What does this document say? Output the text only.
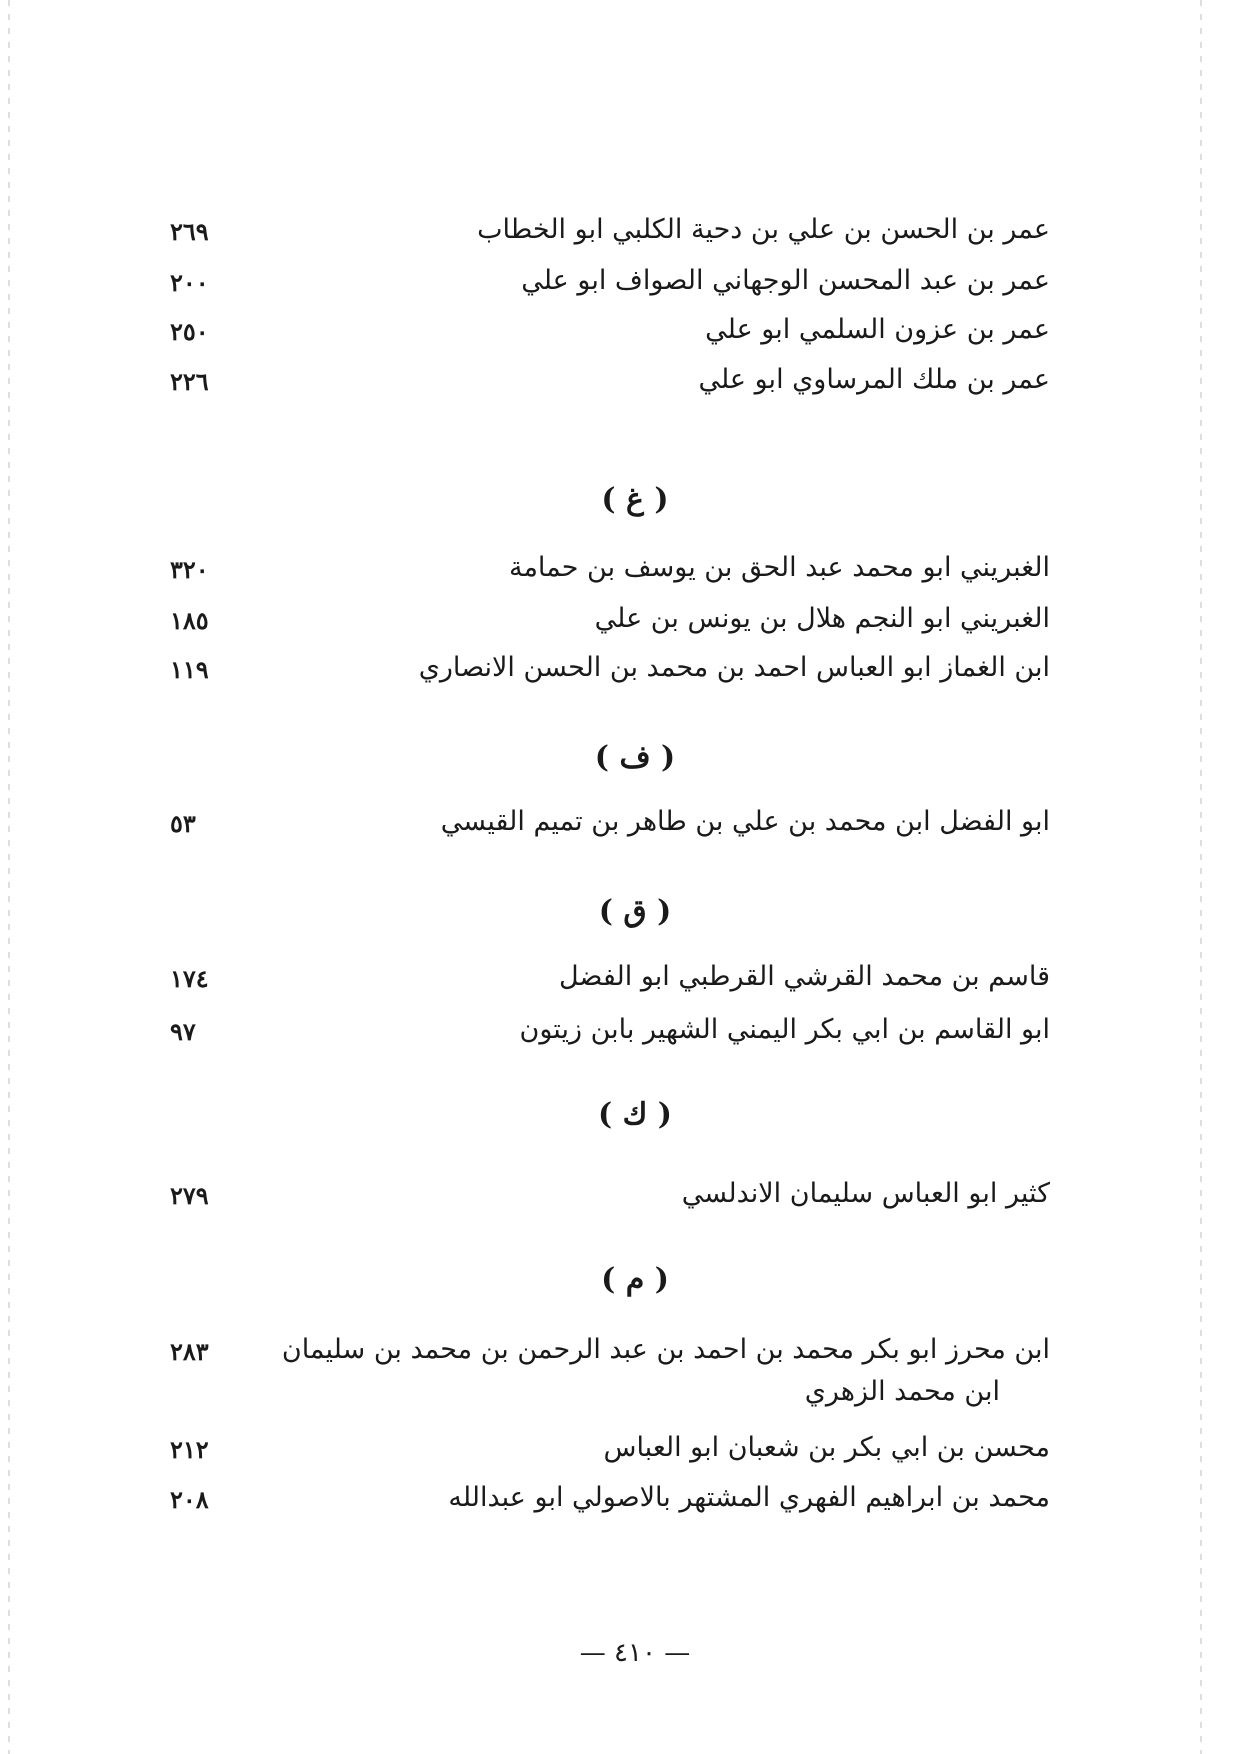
عمر بن الحسن بن علي بن دحية الكلبي ابو الخطاب
٢٦٩
عمر بن عبد المحسن الوجهاني الصواف ابو علي
٢٠٠
عمر بن عزون السلمي ابو علي
٢٥٠
عمر بن ملك المرساوي ابو علي
٢٢٦
( غ )
الغبريني ابو محمد عبد الحق بن يوسف بن حمامة
٣٢٠
الغبريني ابو النجم هلال بن يونس بن علي
١٨٥
ابن الغماز ابو العباس احمد بن محمد بن الحسن الانصاري
١١٩
( ف )
ابو الفضل ابن محمد بن علي بن طاهر بن تميم القيسي
٥٣
( ق )
قاسم بن محمد القرشي القرطبي ابو الفضل
١٧٤
ابو القاسم بن ابي بكر اليمني الشهير بابن زيتون
٩٧
( ك )
كثير ابو العباس سليمان الاندلسي
٢٧٩
( م )
ابن محرز ابو بكر محمد بن احمد بن عبد الرحمن بن محمد بن سليمان
ابن محمد الزهري
٢٨٣
محسن بن ابي بكر بن شعبان ابو العباس
٢١٢
محمد بن ابراهيم الفهري المشتهر بالاصولي ابو عبدالله
٢٠٨
— ٤١٠ —
